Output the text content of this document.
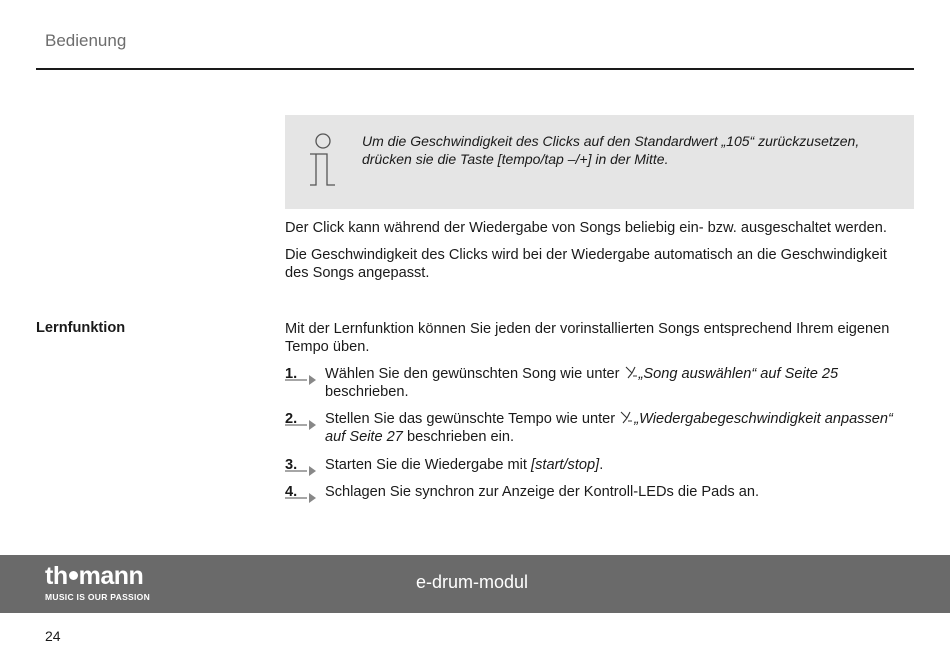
Bedienung
Um die Geschwindigkeit des Clicks auf den Standardwert „105“ zurückzusetzen,
drücken sie die Taste [tempo/tap –/+] in der Mitte.
Der Click kann während der Wiedergabe von Songs beliebig ein- bzw. ausgeschaltet werden.
Die Geschwindigkeit des Clicks wird bei der Wiedergabe automatisch an die Geschwindigkeit des Songs angepasst.
Lernfunktion	Mit der Lernfunktion können Sie jeden der vorinstallierten Songs entsprechend Ihrem eigenen Tempo üben.
1.	Wählen Sie den gewünschten Song wie unter „Song auswählen“ auf Seite 25 beschrieben.
2.	Stellen Sie das gewünschte Tempo wie unter „Wiedergabegeschwindigkeit anpassen“ auf Seite 27 beschrieben ein.
3.	Starten Sie die Wiedergabe mit [start/stop].
4.	Schlagen Sie synchron zur Anzeige der Kontroll-LEDs die Pads an.
th mann
MUSIC IS OUR PASSION
e-drum-modul
24
